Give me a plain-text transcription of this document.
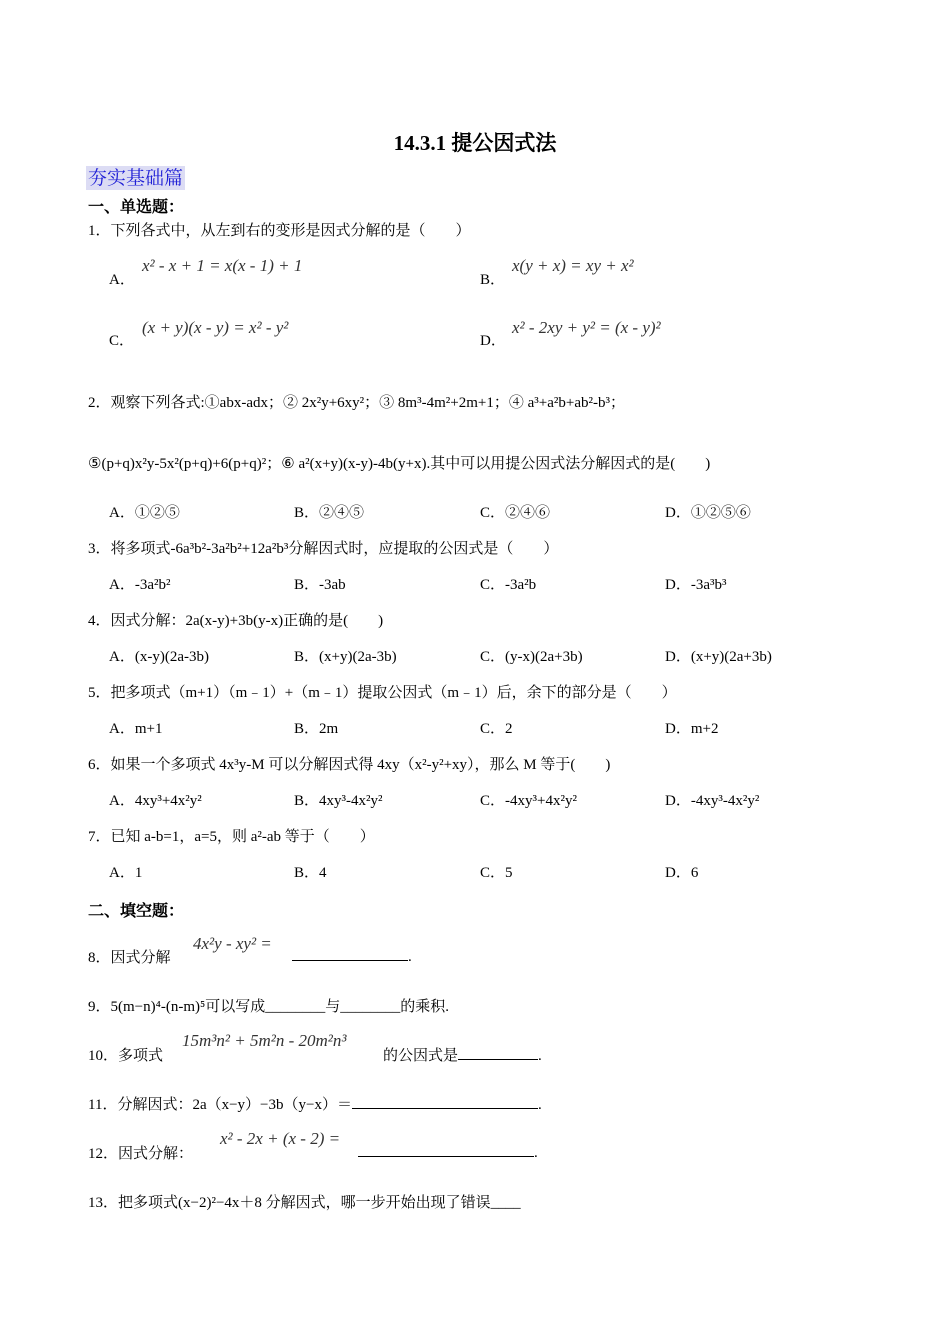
14.3.1 提公因式法
夯实基础篇
一、单选题：
1．下列各式中，从左到右的变形是因式分解的是（　　）
A．
x² - x + 1 = x(x - 1) + 1
B．
x(y + x) = xy + x²
C．
(x + y)(x - y) = x² - y²
D．
x² - 2xy + y² = (x - y)²
2．观察下列各式:①abx-adx；② 2x²y+6xy²；③ 8m³-4m²+2m+1；④ a³+a²b+ab²-b³；
⑤(p+q)x²y-5x²(p+q)+6(p+q)²；⑥ a²(x+y)(x-y)-4b(y+x).其中可以用提公因式法分解因式的是(　　)
A．①②⑤	B．②④⑤	C．②④⑥	D．①②⑤⑥
3．将多项式-6a³b²-3a²b²+12a²b³分解因式时，应提取的公因式是（　　）
A．-3a²b²	B．-3ab	C．-3a²b	D．-3a³b³
4．因式分解：2a(x-y)+3b(y-x)正确的是(　　)
A．(x-y)(2a-3b)	B．(x+y)(2a-3b)	C．(y-x)(2a+3b)	D．(x+y)(2a+3b)
5．把多项式（m+1）（m﹣1）+（m﹣1）提取公因式（m﹣1）后，余下的部分是（　　）
A．m+1	B．2m	C．2	D．m+2
6．如果一个多项式 4x³y-M 可以分解因式得 4xy（x²-y²+xy），那么 M 等于(　　)
A．4xy³+4x²y²	B．4xy³-4x²y²	C．-4xy³+4x²y²	D．-4xy³-4x²y²
7．已知 a-b=1，a=5，则 a²-ab 等于（　　）
A．1	B．4	C．5	D．6
二、填空题：
8．因式分解
4x²y - xy² =
.
9．5(m−n)⁴-(n-m)⁵可以写成________与________的乘积.
10．多项式
15m³n² + 5m²n - 20m²n³
的公因式是	.
11．分解因式：2a（x−y）−3b（y−x）＝	.
12．因式分解：
x² - 2x + (x - 2) =
.
13．把多项式(x−2)²−4x＋8 分解因式，哪一步开始出现了错误____
